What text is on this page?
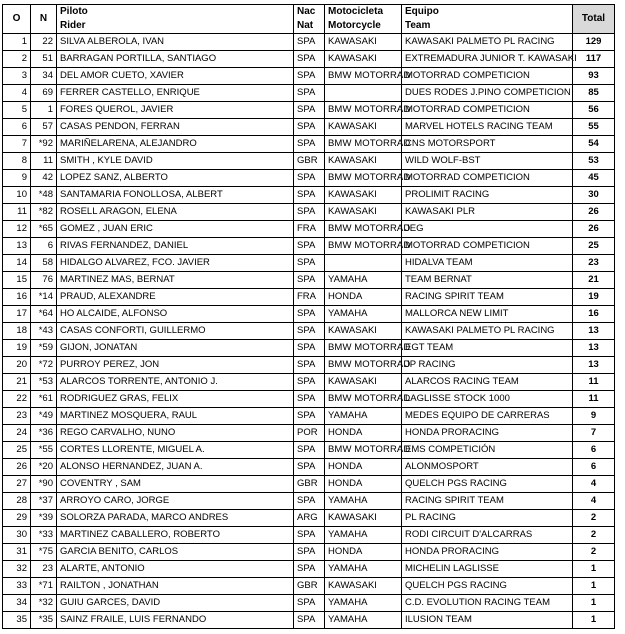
O	N	Piloto	Nac	Motocicleta	Equipo	Total
		Rider	Nat	Motorcycle	Team	
1	22	SILVA ALBEROLA, IVAN	SPA	KAWASAKI	KAWASAKI PALMETO PL RACING	129
2	51	BARRAGAN PORTILLA, SANTIAGO	SPA	KAWASAKI	EXTREMADURA JUNIOR T. KAWASAKI	117
3	34	DEL AMOR CUETO, XAVIER	SPA	BMW MOTORRAD	MOTORRAD COMPETICION	93
4	69	FERRER CASTELLO, ENRIQUE	SPA		DUES RODES J.PINO COMPETICION	85
5	1	FORES QUEROL, JAVIER	SPA	BMW MOTORRAD	MOTORRAD COMPETICION	56
6	57	CASAS PENDON, FERRAN	SPA	KAWASAKI	MARVEL HOTELS RACING TEAM	55
7	*92	MARIÑELARENA, ALEJANDRO	SPA	BMW MOTORRAD	CNS MOTORSPORT	54
8	11	SMITH , KYLE DAVID	GBR	KAWASAKI	WILD WOLF-BST	53
9	42	LOPEZ SANZ, ALBERTO	SPA	BMW MOTORRAD	MOTORRAD COMPETICION	45
10	*48	SANTAMARIA FONOLLOSA, ALBERT	SPA	KAWASAKI	PROLIMIT RACING	30
11	*82	ROSELL ARAGON, ELENA	SPA	KAWASAKI	KAWASAKI PLR	26
12	*65	GOMEZ , JUAN ERIC	FRA	BMW MOTORRAD	JEG	26
13	6	RIVAS FERNANDEZ, DANIEL	SPA	BMW MOTORRAD	MOTORRAD COMPETICION	25
14	58	HIDALGO ALVAREZ, FCO. JAVIER	SPA		HIDALVA TEAM	23
15	76	MARTINEZ MAS, BERNAT	SPA	YAMAHA	TEAM BERNAT	21
16	*14	PRAUD, ALEXANDRE	FRA	HONDA	RACING SPIRIT TEAM	19
17	*64	HO ALCAIDE, ALFONSO	SPA	YAMAHA	MALLORCA NEW LIMIT	16
18	*43	CASAS CONFORTI, GUILLERMO	SPA	KAWASAKI	KAWASAKI PALMETO PL RACING	13
19	*59	GIJON, JONATAN	SPA	BMW MOTORRAD	EGT TEAM	13
20	*72	PURROY PEREZ, JON	SPA	BMW MOTORRAD	JP RACING	13
21	*53	ALARCOS TORRENTE, ANTONIO J.	SPA	KAWASAKI	ALARCOS RACING TEAM	11
22	*61	RODRIGUEZ GRAS, FELIX	SPA	BMW MOTORRAD	LAGLISSE STOCK 1000	11
23	*49	MARTINEZ MOSQUERA, RAUL	SPA	YAMAHA	MEDES EQUIPO DE CARRERAS	9
24	*36	REGO CARVALHO, NUNO	POR	HONDA	HONDA PRORACING	7
25	*55	CORTES LLORENTE, MIGUEL A.	SPA	BMW MOTORRAD	EMS COMPETICIÓN	6
26	*20	ALONSO HERNANDEZ, JUAN A.	SPA	HONDA	ALONMOSPORT	6
27	*90	COVENTRY , SAM	GBR	HONDA	QUELCH PGS RACING	4
28	*37	ARROYO CARO, JORGE	SPA	YAMAHA	RACING SPIRIT TEAM	4
29	*39	SOLORZA PARADA, MARCO ANDRES	ARG	KAWASAKI	PL RACING	2
30	*33	MARTINEZ CABALLERO, ROBERTO	SPA	YAMAHA	RODI CIRCUIT D'ALCARRAS	2
31	*75	GARCIA BENITO, CARLOS	SPA	HONDA	HONDA PRORACING	2
32	23	ALARTE, ANTONIO	SPA	YAMAHA	MICHELIN LAGLISSE	1
33	*71	RAILTON , JONATHAN	GBR	KAWASAKI	QUELCH PGS RACING	1
34	*32	GUIU GARCES, DAVID	SPA	YAMAHA	C.D. EVOLUTION RACING TEAM	1
35	*35	SAINZ FRAILE, LUIS FERNANDO	SPA	YAMAHA	ILUSION TEAM	1
